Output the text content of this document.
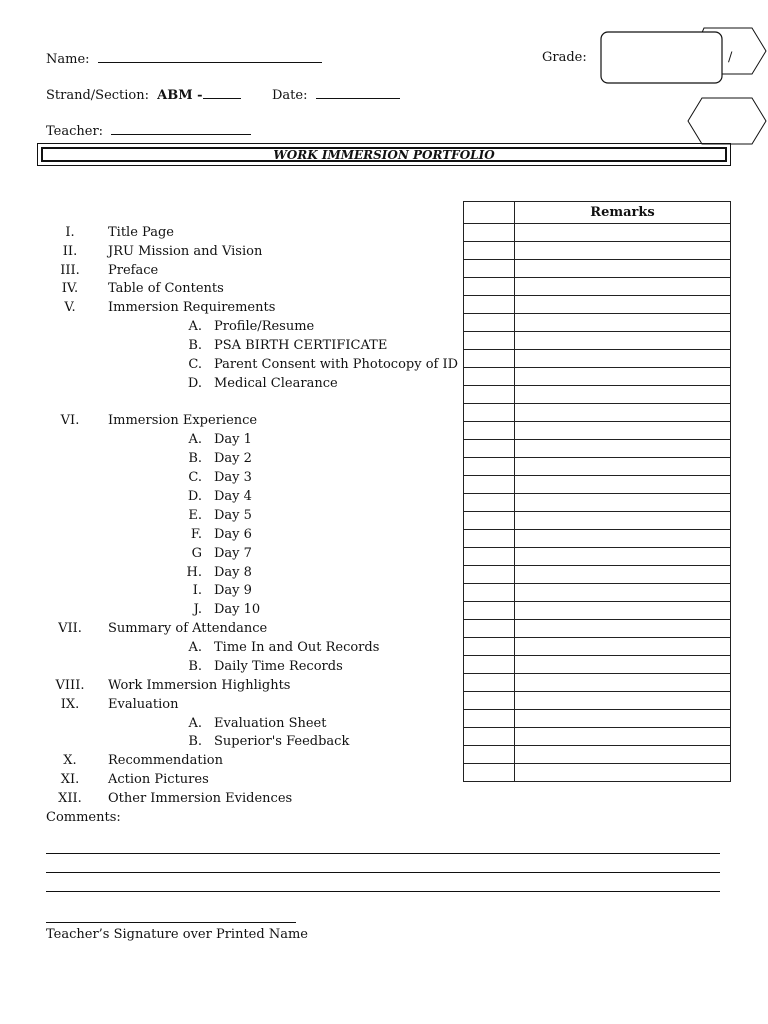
Name:	Grade:	/
Strand/Section: ABM -	Date:
Teacher:
WORK IMMERSION PORTFOLIO
I.	Title Page
II.	JRU Mission and Vision
III.	Preface
IV.	Table of Contents
V.	Immersion Requirements
A. Profile/Resume
B. PSA BIRTH CERTIFICATE
C. Parent Consent with Photocopy of ID
D. Medical Clearance
VI.	Immersion Experience
A. Day 1
B. Day 2
C. Day 3
D. Day 4
E. Day 5
F. Day 6
G Day 7
H. Day 8
I. Day 9
J. Day 10
VII.	Summary of Attendance
A. Time In and Out Records
B. Daily Time Records
VIII.	Work Immersion Highlights
IX.	Evaluation
A. Evaluation Sheet
B. Superior's Feedback
X.	Recommendation
XI.	Action Pictures
XII.	Other Immersion Evidences
	Remarks

Comments:
Teacher’s Signature over Printed Name
